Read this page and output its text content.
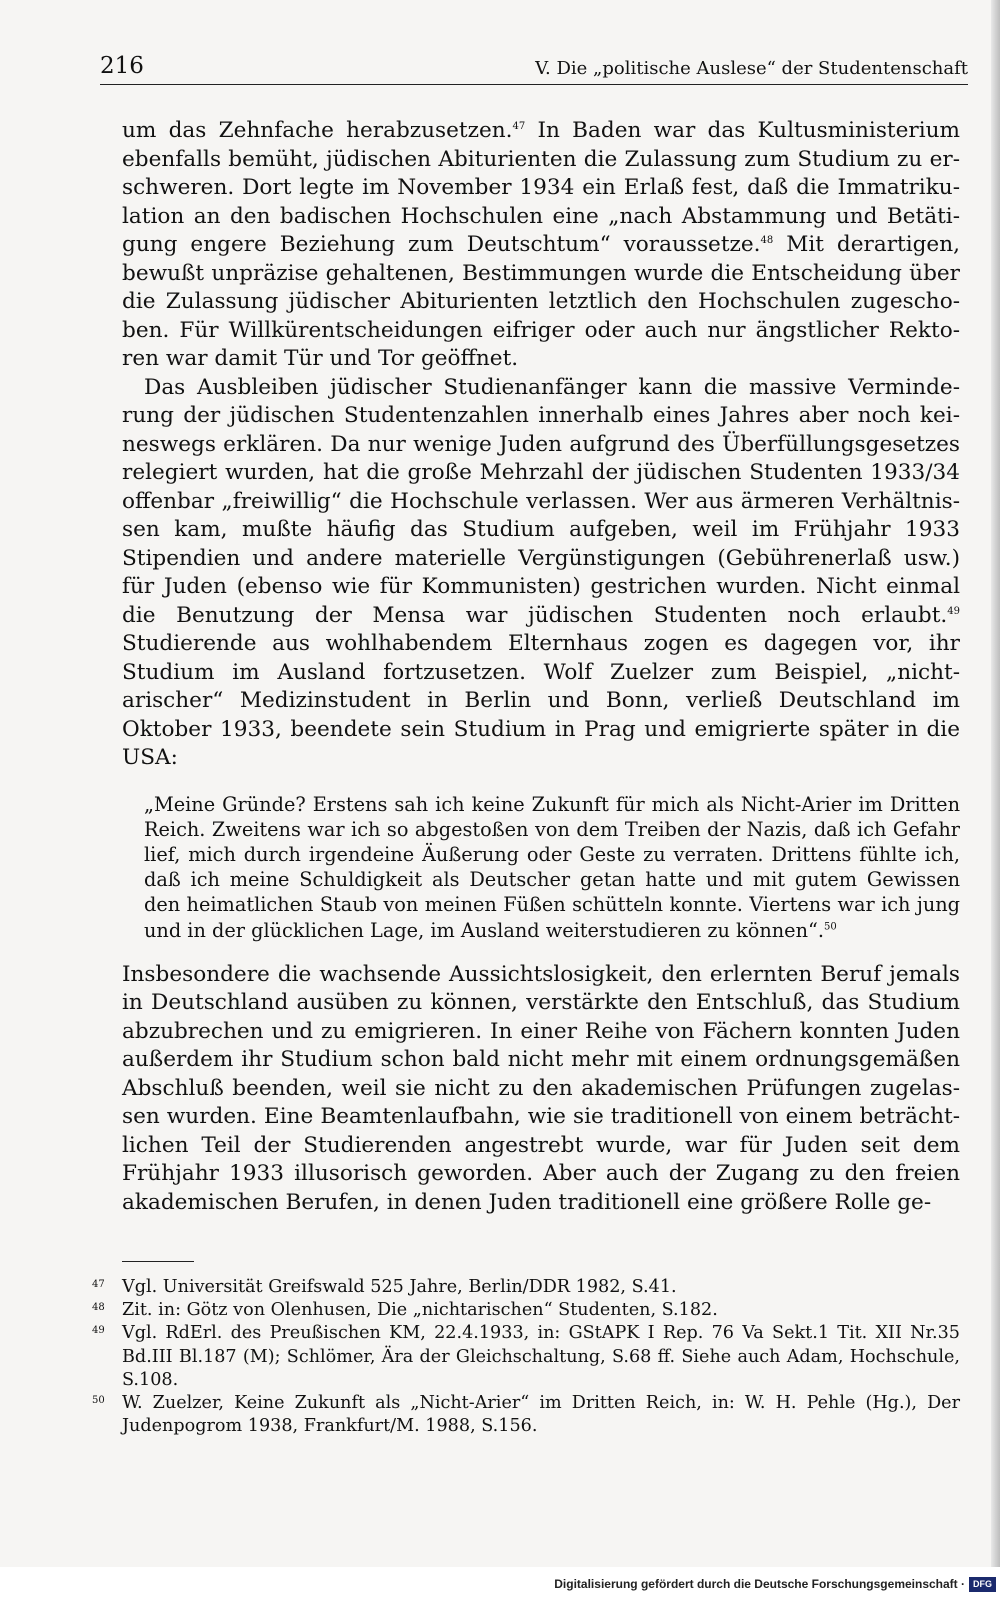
216	V. Die „politische Auslese“ der Studentenschaft

um das Zehnfache herabzusetzen.$^{47}$ In Baden war das Kultusministerium ebenfalls bemüht, jüdischen Abiturienten die Zulassung zum Studium zu erschweren. Dort legte im November 1934 ein Erlaß fest, daß die Immatrikulation an den badischen Hochschulen eine „nach Abstammung und Betätigung engere Beziehung zum Deutschtum“ voraussetze.$^{48}$ Mit derartigen, bewußt unpräzise gehaltenen, Bestimmungen wurde die Entscheidung über die Zulassung jüdischer Abiturienten letztlich den Hochschulen zugeschoben. Für Willkürentscheidungen eifriger oder auch nur ängstlicher Rektoren war damit Tür und Tor geöffnet.

Das Ausbleiben jüdischer Studienanfänger kann die massive Verminderung der jüdischen Studentenzahlen innerhalb eines Jahres aber noch keineswegs erklären. Da nur wenige Juden aufgrund des Überfüllungsgesetzes relegiert wurden, hat die große Mehrzahl der jüdischen Studenten 1933/34 offenbar „freiwillig“ die Hochschule verlassen. Wer aus ärmeren Verhältnissen kam, mußte häufig das Studium aufgeben, weil im Frühjahr 1933 Stipendien und andere materielle Vergünstigungen (Gebührenerlaß usw.) für Juden (ebenso wie für Kommunisten) gestrichen wurden. Nicht einmal die Benutzung der Mensa war jüdischen Studenten noch erlaubt.$^{49}$ Studierende aus wohlhabendem Elternhaus zogen es dagegen vor, ihr Studium im Ausland fortzusetzen. Wolf Zuelzer zum Beispiel, „nichtarischer“ Medizinstudent in Berlin und Bonn, verließ Deutschland im Oktober 1933, beendete sein Studium in Prag und emigrierte später in die USA:

„Meine Gründe? Erstens sah ich keine Zukunft für mich als Nicht-Arier im Dritten Reich. Zweitens war ich so abgestoßen von dem Treiben der Nazis, daß ich Gefahr lief, mich durch irgendeine Äußerung oder Geste zu verraten. Drittens fühlte ich, daß ich meine Schuldigkeit als Deutscher getan hatte und mit gutem Gewissen den heimatlichen Staub von meinen Füßen schütteln konnte. Viertens war ich jung und in der glücklichen Lage, im Ausland weiterstudieren zu können“.$^{50}$

Insbesondere die wachsende Aussichtslosigkeit, den erlernten Beruf jemals in Deutschland ausüben zu können, verstärkte den Entschluß, das Studium abzubrechen und zu emigrieren. In einer Reihe von Fächern konnten Juden außerdem ihr Studium schon bald nicht mehr mit einem ordnungsgemäßen Abschluß beenden, weil sie nicht zu den akademischen Prüfungen zugelassen wurden. Eine Beamtenlaufbahn, wie sie traditionell von einem beträchtlichen Teil der Studierenden angestrebt wurde, war für Juden seit dem Frühjahr 1933 illusorisch geworden. Aber auch der Zugang zu den freien akademischen Berufen, in denen Juden traditionell eine größere Rolle ge-

47 Vgl. Universität Greifswald 525 Jahre, Berlin/DDR 1982, S.41.
48 Zit. in: Götz von Olenhusen, Die „nichtarischen“ Studenten, S.182.
49 Vgl. RdErl. des Preußischen KM, 22.4.1933, in: GStAPK I Rep. 76 Va Sekt.1 Tit. XII Nr.35 Bd.III Bl.187 (M); Schlömer, Ära der Gleichschaltung, S.68 ff. Siehe auch Adam, Hochschule, S.108.
50 W. Zuelzer, Keine Zukunft als „Nicht-Arier“ im Dritten Reich, in: W. H. Pehle (Hg.), Der Judenpogrom 1938, Frankfurt/M. 1988, S.156.
Digitalisierung gefördert durch die Deutsche Forschungsgemeinschaft · DFG
